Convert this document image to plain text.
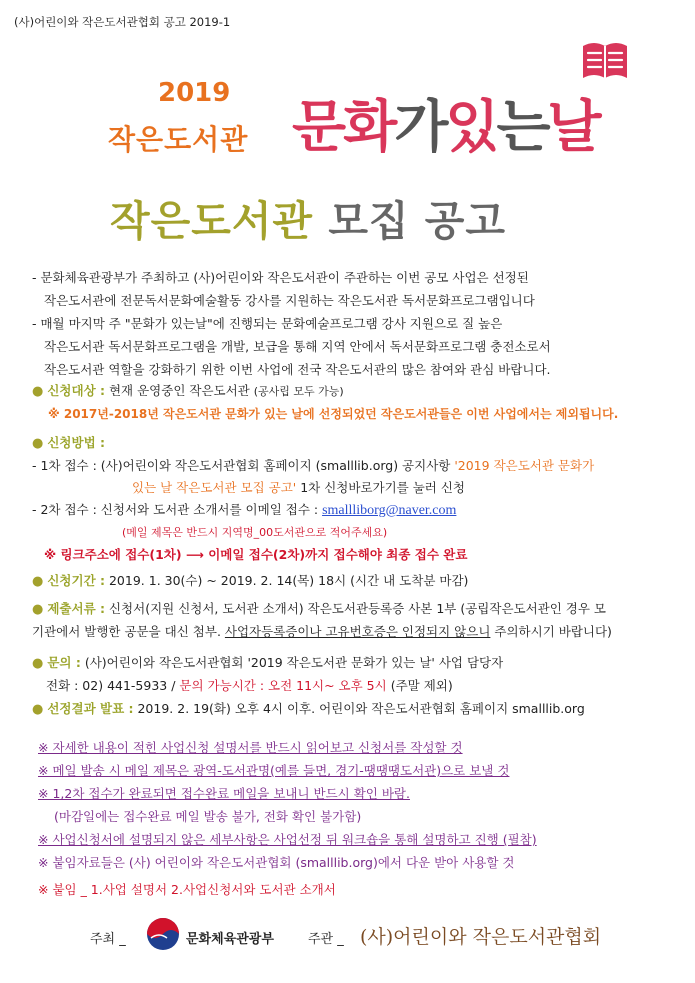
(사)어린이와 작은도서관협회 공고 2019-1
2019
작은도서관 문화가있는날
작은도서관 모집 공고
- 문화체육관광부가 주최하고 (사)어린이와 작은도서관이 주관하는 이번 공모 사업은 선정된
작은도서관에 전문독서문화예술활동 강사를 지원하는 작은도서관 독서문화프로그램입니다
- 매월 마지막 주 "문화가 있는날"에 진행되는 문화예술프로그램 강사 지원으로 질 높은
작은도서관 독서문화프로그램을 개발, 보급을 통해 지역 안에서 독서문화프로그램 충전소로서
작은도서관 역할을 강화하기 위한 이번 사업에 전국 작은도서관의 많은 참여와 관심 바랍니다.
● 신청대상 : 현재 운영중인 작은도서관 (공사립 모두 가능)
※ 2017년-2018년 작은도서관 문화가 있는 날에 선정되었던 작은도서관들은 이번 사업에서는 제외됩니다.
● 신청방법 :
- 1차 접수 : (사)어린이와 작은도서관협회 홈페이지 (smalllib.org) 공지사항 '2019 작은도서관 문화가
있는 날 작은도서관 모집 공고' 1차 신청바로가기를 눌러 신청
- 2차 접수 : 신청서와 도서관 소개서를 이메일 접수 : smallliborg@naver.com
(메일 제목은 반드시 지역명_00도서관으로 적어주세요)
※ 링크주소에 접수(1차) ⟶ 이메일 접수(2차)까지 접수해야 최종 접수 완료
● 신청기간 : 2019. 1. 30(수) ~ 2019. 2. 14(목) 18시 (시간 내 도착분 마감)
● 제출서류 : 신청서(지원 신청서, 도서관 소개서) 작은도서관등록증 사본 1부 (공립작은도서관인 경우 모
기관에서 발행한 공문을 대신 첨부. 사업자등록증이나 고유번호증은 인정되지 않으니 주의하시기 바랍니다)
● 문의 : (사)어린이와 작은도서관협회 '2019 작은도서관 문화가 있는 날' 사업 담당자
전화 : 02) 441-5933 / 문의 가능시간 : 오전 11시~ 오후 5시 (주말 제외)
● 선정결과 발표 : 2019. 2. 19(화) 오후 4시 이후. 어린이와 작은도서관협회 홈페이지 smalllib.org
※ 자세한 내용이 적힌 사업신청 설명서를 반드시 읽어보고 신청서를 작성할 것
※ 메일 발송 시 메일 제목은 광역-도서관명(예를 들면, 경기-땡땡땡도서관)으로 보낼 것
※ 1,2차 접수가 완료되면 접수완료 메일을 보내니 반드시 확인 바람.
(마감일에는 접수완료 메일 발송 불가, 전화 확인 불가함)
※ 사업신청서에 설명되지 않은 세부사항은 사업선정 뒤 워크숍을 통해 설명하고 진행 (필참)
※ 붙임자료들은 (사) 어린이와 작은도서관협회 (smalllib.org)에서 다운 받아 사용할 것
※ 붙임 _ 1.사업 설명서 2.사업신청서와 도서관 소개서
주최 _	문화체육관광부	주관 _ (사)어린이와 작은도서관협회
